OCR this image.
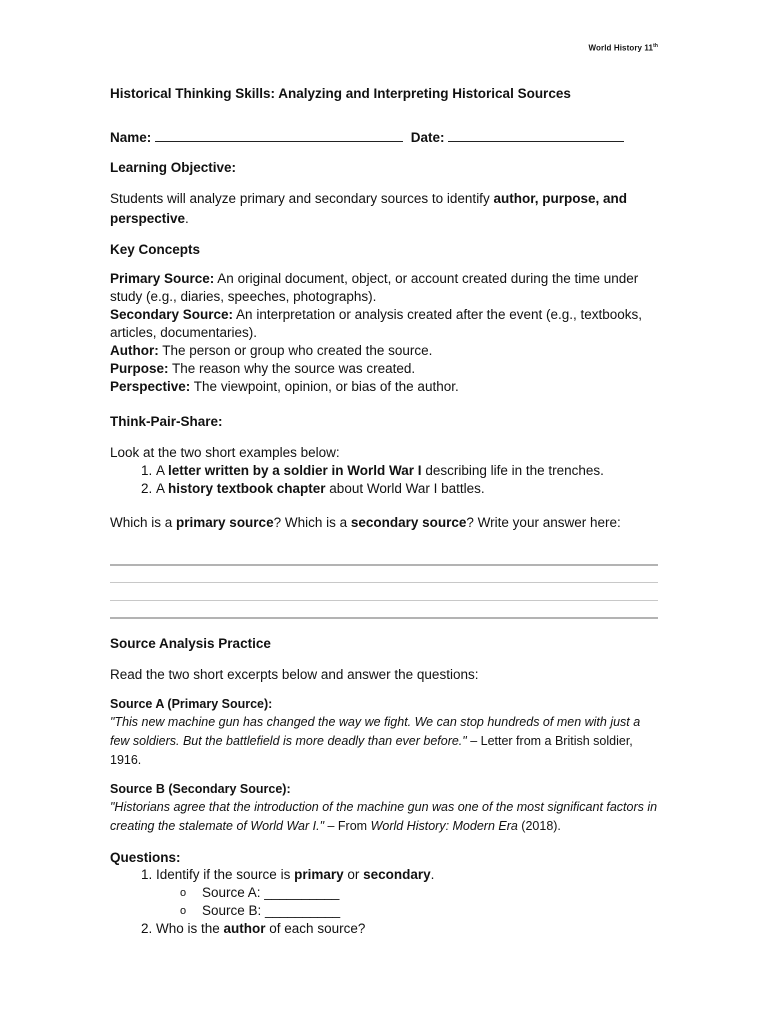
World History 11th
Historical Thinking Skills: Analyzing and Interpreting Historical Sources
Name:	Date:
Learning Objective:
Students will analyze primary and secondary sources to identify author, purpose, and perspective.
Key Concepts
Primary Source: An original document, object, or account created during the time under study (e.g., diaries, speeches, photographs).
Secondary Source: An interpretation or analysis created after the event (e.g., textbooks, articles, documentaries).
Author: The person or group who created the source.
Purpose: The reason why the source was created.
Perspective: The viewpoint, opinion, or bias of the author.
Think-Pair-Share:
Look at the two short examples below:
1. A letter written by a soldier in World War I describing life in the trenches.
2. A history textbook chapter about World War I battles.
Which is a primary source? Which is a secondary source? Write your answer here:
Source Analysis Practice
Read the two short excerpts below and answer the questions:
Source A (Primary Source):
"This new machine gun has changed the way we fight. We can stop hundreds of men with just a few soldiers. But the battlefield is more deadly than ever before." – Letter from a British soldier, 1916.
Source B (Secondary Source):
"Historians agree that the introduction of the machine gun was one of the most significant factors in creating the stalemate of World War I." – From World History: Modern Era (2018).
Questions:
1. Identify if the source is primary or secondary.
o Source A: __________
o Source B: __________
2. Who is the author of each source?
